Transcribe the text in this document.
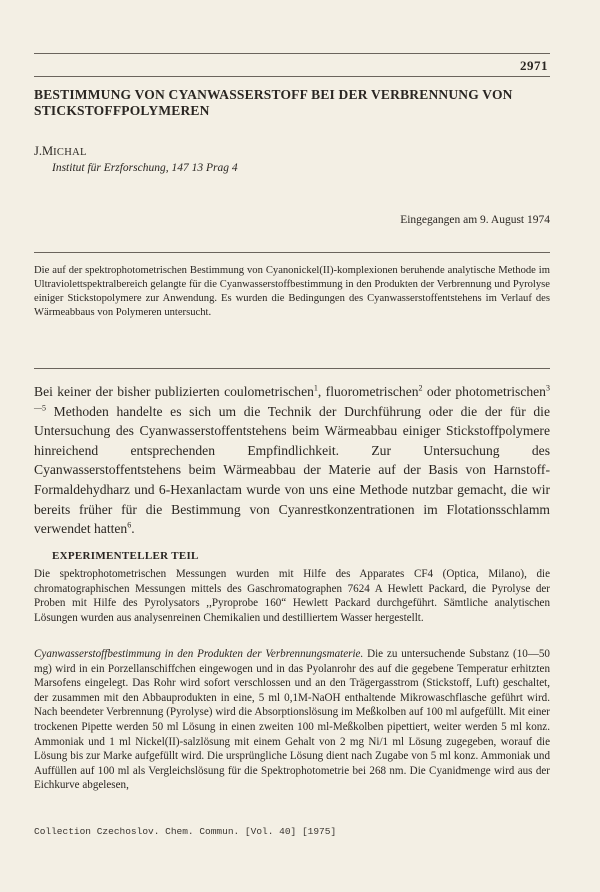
2971
BESTIMMUNG VON CYANWASSERSTOFF BEI DER VERBRENNUNG VON STICKSTOFFPOLYMEREN
J.MICHAL
Institut für Erzforschung, 147 13 Prag 4
Eingegangen am 9. August 1974
Die auf der spektrophotometrischen Bestimmung von Cyanonickel(II)-komplexionen beruhende analytische Methode im Ultraviolettspektralbereich gelangte für die Cyanwasserstoffbestimmung in den Produkten der Verbrennung und Pyrolyse einiger Stickstopolymere zur Anwendung. Es wurden die Bedingungen des Cyanwasserstoffentstehens im Verlauf des Wärmeabbaus von Polymeren untersucht.
Bei keiner der bisher publizierten coulometrischen$^1$, fluorometrischen$^2$ oder photometrischen$^{3—5}$ Methoden handelte es sich um die Technik der Durchführung oder die der für die Untersuchung des Cyanwasserstoffentstehens beim Wärmeabbau einiger Stickstoffpolymere hinreichend entsprechenden Empfindlichkeit. Zur Untersuchung des Cyanwasserstoffentstehens beim Wärmeabbau der Materie auf der Basis von Harnstoff-Formaldehydharz und 6-Hexanlactam wurde von uns eine Methode nutzbar gemacht, die wir bereits früher für die Bestimmung von Cyanrestkonzentrationen im Flotationsschlamm verwendet hatten$^6$.
EXPERIMENTELLER TEIL
Die spektrophotometrischen Messungen wurden mit Hilfe des Apparates CF4 (Optica, Milano), die chromatographischen Messungen mittels des Gaschromatographen 7624 A Hewlett Packard, die Pyrolyse der Proben mit Hilfe des Pyrolysators ,,Pyroprobe 160“ Hewlett Packard durchgeführt. Sämtliche analytischen Lösungen wurden aus analysenreinen Chemikalien und destilliertem Wasser hergestellt.
Cyanwasserstoffbestimmung in den Produkten der Verbrennungsmaterie. Die zu untersuchende Substanz (10—50 mg) wird in ein Porzellanschiffchen eingewogen und in das Pyolanrohr des auf die gegebene Temperatur erhitzten Marsofens eingelegt. Das Rohr wird sofort verschlossen und an den Trägergasstrom (Stickstoff, Luft) geschaltet, der zusammen mit den Abbauprodukten in eine, 5 ml 0,1M-NaOH enthaltende Mikrowaschflasche geführt wird. Nach beendeter Verbrennung (Pyrolyse) wird die Absorptionslösung im Meßkolben auf 100 ml aufgefüllt. Mit einer trockenen Pipette werden 50 ml Lösung in einen zweiten 100 ml-Meßkolben pipettiert, weiter werden 5 ml konz. Ammoniak und 1 ml Nickel(II)-salzlösung mit einem Gehalt von 2 mg Ni/1 ml Lösung zugegeben, worauf die Lösung bis zur Marke aufgefüllt wird. Die ursprüngliche Lösung dient nach Zugabe von 5 ml konz. Ammoniak und Auffüllen auf 100 ml als Vergleichslösung für die Spektrophotometrie bei 268 nm. Die Cyanidmenge wird aus der Eichkurve abgelesen,
Collection Czechoslov. Chem. Commun. [Vol. 40] [1975]
